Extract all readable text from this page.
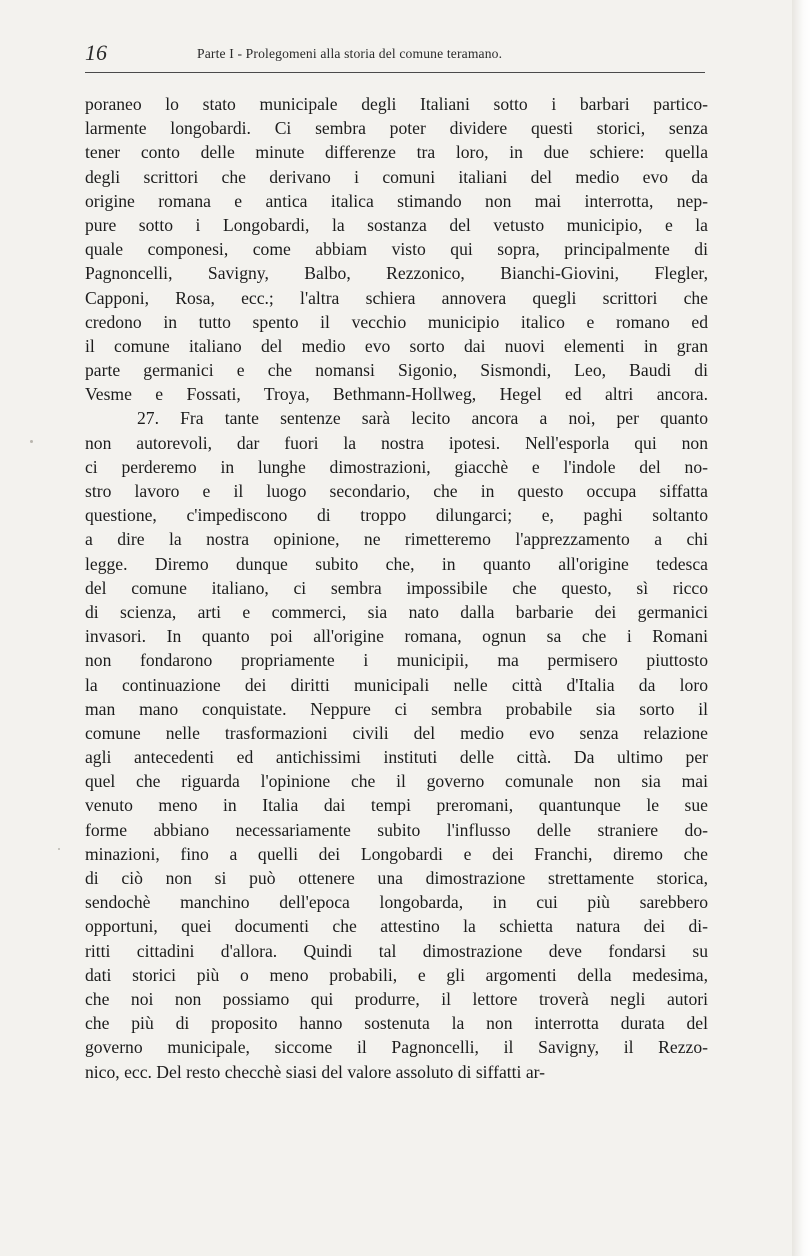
16	Parte I - Prolegomeni alla storia del comune teramano.
poraneo lo stato municipale degli Italiani sotto i barbari partico-
larmente longobardi. Ci sembra poter dividere questi storici, senza
tener conto delle minute differenze tra loro, in due schiere: quella
degli scrittori che derivano i comuni italiani del medio evo da
origine romana e antica italica stimando non mai interrotta, nep-
pure sotto i Longobardi, la sostanza del vetusto municipio, e la
quale componesi, come abbiam visto qui sopra, principalmente di
Pagnoncelli, Savigny, Balbo, Rezzonico, Bianchi-Giovini, Flegler,
Capponi, Rosa, ecc.; l'altra schiera annovera quegli scrittori che
credono in tutto spento il vecchio municipio italico e romano ed
il comune italiano del medio evo sorto dai nuovi elementi in gran
parte germanici e che nomansi Sigonio, Sismondi, Leo, Baudi di
Vesme e Fossati, Troya, Bethmann-Hollweg, Hegel ed altri ancora.
27. Fra tante sentenze sarà lecito ancora a noi, per quanto
non autorevoli, dar fuori la nostra ipotesi. Nell'esporla qui non
ci perderemo in lunghe dimostrazioni, giacchè e l'indole del no-
stro lavoro e il luogo secondario, che in questo occupa siffatta
questione, c'impediscono di troppo dilungarci; e, paghi soltanto
a dire la nostra opinione, ne rimetteremo l'apprezzamento a chi
legge. Diremo dunque subito che, in quanto all'origine tedesca
del comune italiano, ci sembra impossibile che questo, sì ricco
di scienza, arti e commerci, sia nato dalla barbarie dei germanici
invasori. In quanto poi all'origine romana, ognun sa che i Romani
non fondarono propriamente i municipii, ma permisero piuttosto
la continuazione dei diritti municipali nelle città d'Italia da loro
man mano conquistate. Neppure ci sembra probabile sia sorto il
comune nelle trasformazioni civili del medio evo senza relazione
agli antecedenti ed antichissimi instituti delle città. Da ultimo per
quel che riguarda l'opinione che il governo comunale non sia mai
venuto meno in Italia dai tempi preromani, quantunque le sue
forme abbiano necessariamente subito l'influsso delle straniere do-
minazioni, fino a quelli dei Longobardi e dei Franchi, diremo che
di ciò non si può ottenere una dimostrazione strettamente storica,
sendochè manchino dell'epoca longobarda, in cui più sarebbero
opportuni, quei documenti che attestino la schietta natura dei di-
ritti cittadini d'allora. Quindi tal dimostrazione deve fondarsi su
dati storici più o meno probabili, e gli argomenti della medesima,
che noi non possiamo qui produrre, il lettore troverà negli autori
che più di proposito hanno sostenuta la non interrotta durata del
governo municipale, siccome il Pagnoncelli, il Savigny, il Rezzo-
nico, ecc. Del resto checchè siasi del valore assoluto di siffatti ar-
